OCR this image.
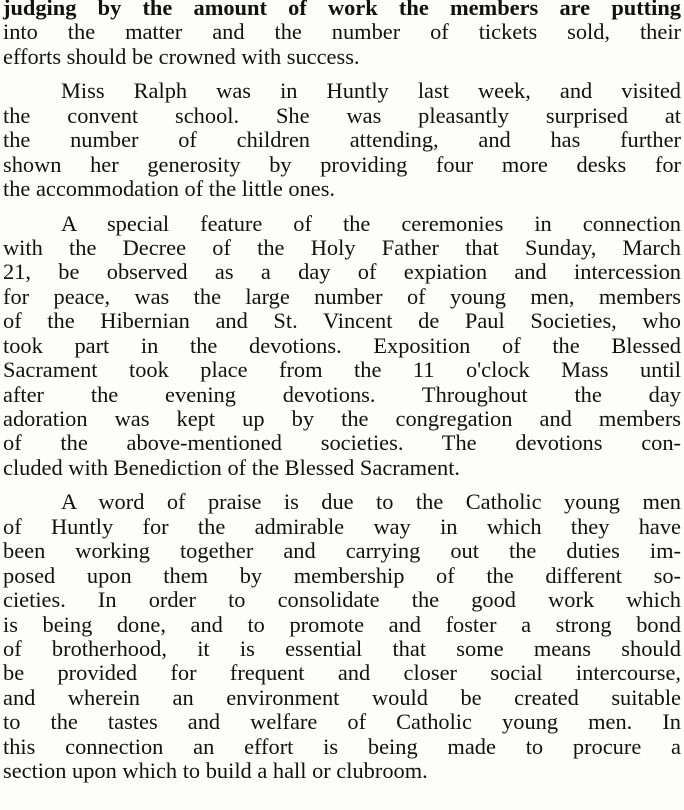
judging by the amount of work the members are putting
into the matter and the number of tickets sold, their
efforts should be crowned with success.
Miss Ralph was in Huntly last week, and visited
the convent school. She was pleasantly surprised at
the number of children attending, and has further
shown her generosity by providing four more desks for
the accommodation of the little ones.
A special feature of the ceremonies in connection
with the Decree of the Holy Father that Sunday, March
21, be observed as a day of expiation and intercession
for peace, was the large number of young men, members
of the Hibernian and St. Vincent de Paul Societies, who
took part in the devotions. Exposition of the Blessed
Sacrament took place from the 11 o'clock Mass until
after the evening devotions. Throughout the day
adoration was kept up by the congregation and members
of the above-mentioned societies. The devotions con-
cluded with Benediction of the Blessed Sacrament.
A word of praise is due to the Catholic young men
of Huntly for the admirable way in which they have
been working together and carrying out the duties im-
posed upon them by membership of the different so-
cieties. In order to consolidate the good work which
is being done, and to promote and foster a strong bond
of brotherhood, it is essential that some means should
be provided for frequent and closer social intercourse,
and wherein an environment would be created suitable
to the tastes and welfare of Catholic young men. In
this connection an effort is being made to procure a
section upon which to build a hall or clubroom.
